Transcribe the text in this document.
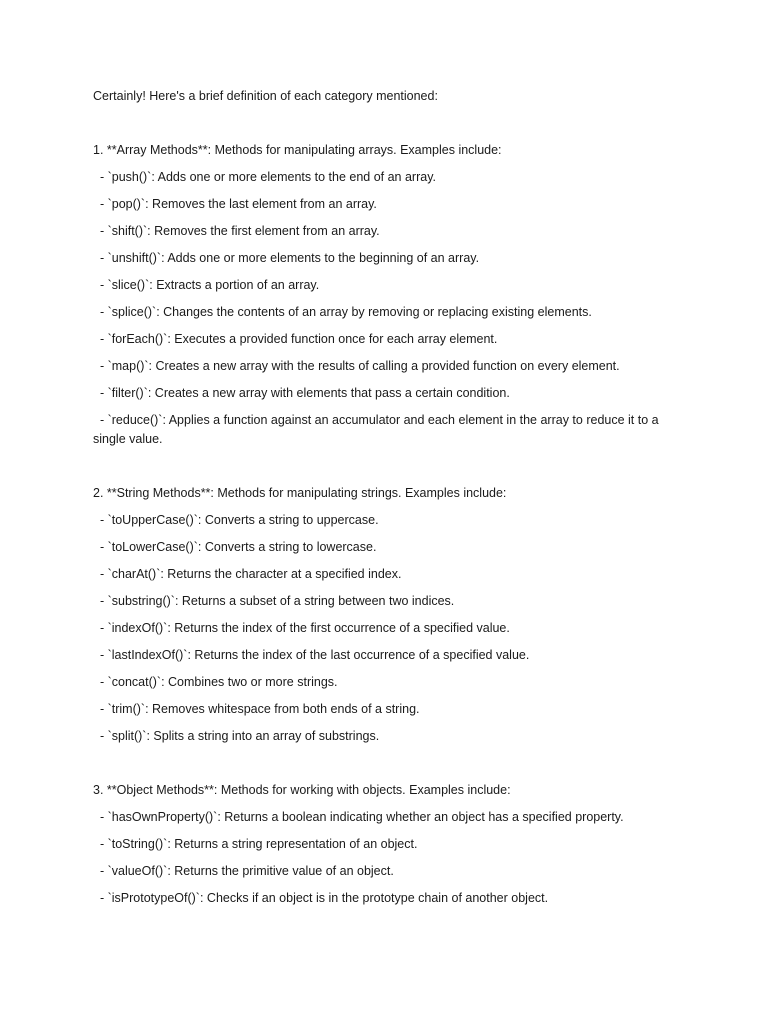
Certainly! Here's a brief definition of each category mentioned:

1. **Array Methods**: Methods for manipulating arrays. Examples include:

- `push()`: Adds one or more elements to the end of an array.

- `pop()`: Removes the last element from an array.

- `shift()`: Removes the first element from an array.

- `unshift()`: Adds one or more elements to the beginning of an array.

- `slice()`: Extracts a portion of an array.

- `splice()`: Changes the contents of an array by removing or replacing existing elements.

- `forEach()`: Executes a provided function once for each array element.

- `map()`: Creates a new array with the results of calling a provided function on every element.

- `filter()`: Creates a new array with elements that pass a certain condition.

- `reduce()`: Applies a function against an accumulator and each element in the array to reduce it to a single value.

2. **String Methods**: Methods for manipulating strings. Examples include:

- `toUpperCase()`: Converts a string to uppercase.

- `toLowerCase()`: Converts a string to lowercase.

- `charAt()`: Returns the character at a specified index.

- `substring()`: Returns a subset of a string between two indices.

- `indexOf()`: Returns the index of the first occurrence of a specified value.

- `lastIndexOf()`: Returns the index of the last occurrence of a specified value.

- `concat()`: Combines two or more strings.

- `trim()`: Removes whitespace from both ends of a string.

- `split()`: Splits a string into an array of substrings.

3. **Object Methods**: Methods for working with objects. Examples include:

- `hasOwnProperty()`: Returns a boolean indicating whether an object has a specified property.

- `toString()`: Returns a string representation of an object.

- `valueOf()`: Returns the primitive value of an object.

- `isPrototypeOf()`: Checks if an object is in the prototype chain of another object.
